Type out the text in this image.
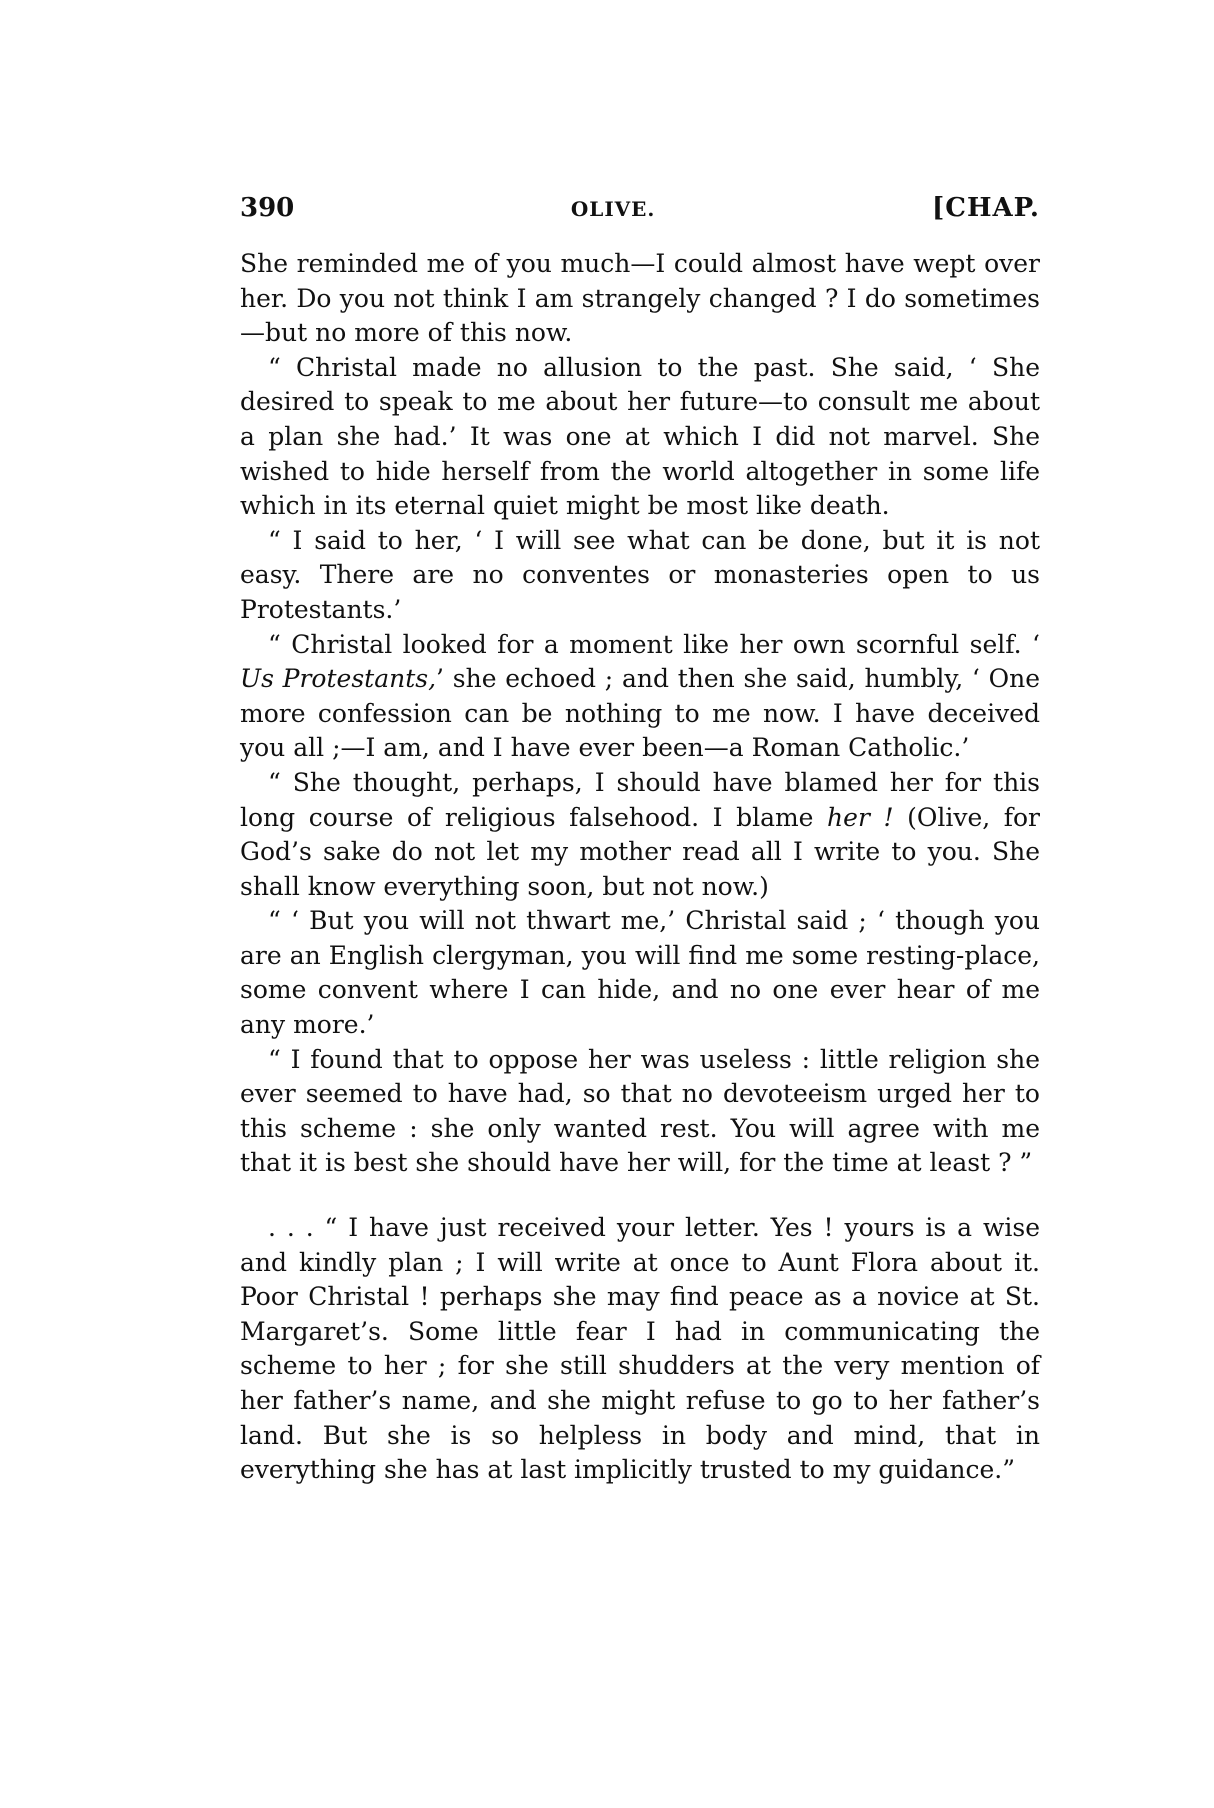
390	OLIVE.	[CHAP.

She reminded me of you much—I could almost have wept over her. Do you not think I am strangely changed ? I do sometimes—but no more of this now.

“ Christal made no allusion to the past. She said, ‘ She desired to speak to me about her future—to consult me about a plan she had.’ It was one at which I did not marvel. She wished to hide herself from the world altogether in some life which in its eternal quiet might be most like death.

“ I said to her, ‘ I will see what can be done, but it is not easy. There are no conventes or monasteries open to us Protestants.’

“ Christal looked for a moment like her own scornful self. ‘ Us Protestants,’ she echoed ; and then she said, humbly, ‘ One more confession can be nothing to me now. I have deceived you all ;—I am, and I have ever been—a Roman Catholic.’

“ She thought, perhaps, I should have blamed her for this long course of religious falsehood. I blame her ! (Olive, for God’s sake do not let my mother read all I write to you. She shall know everything soon, but not now.)

“ ‘ But you will not thwart me,’ Christal said ; ‘ though you are an English clergyman, you will find me some resting-place, some convent where I can hide, and no one ever hear of me any more.’

“ I found that to oppose her was useless : little religion she ever seemed to have had, so that no devoteeism urged her to this scheme : she only wanted rest. You will agree with me that it is best she should have her will, for the time at least ? ”

. . . “ I have just received your letter. Yes ! yours is a wise and kindly plan ; I will write at once to Aunt Flora about it. Poor Christal ! perhaps she may find peace as a novice at St. Margaret’s. Some little fear I had in communicating the scheme to her ; for she still shudders at the very mention of her father’s name, and she might refuse to go to her father’s land. But she is so helpless in body and mind, that in everything she has at last implicitly trusted to my guidance.”
